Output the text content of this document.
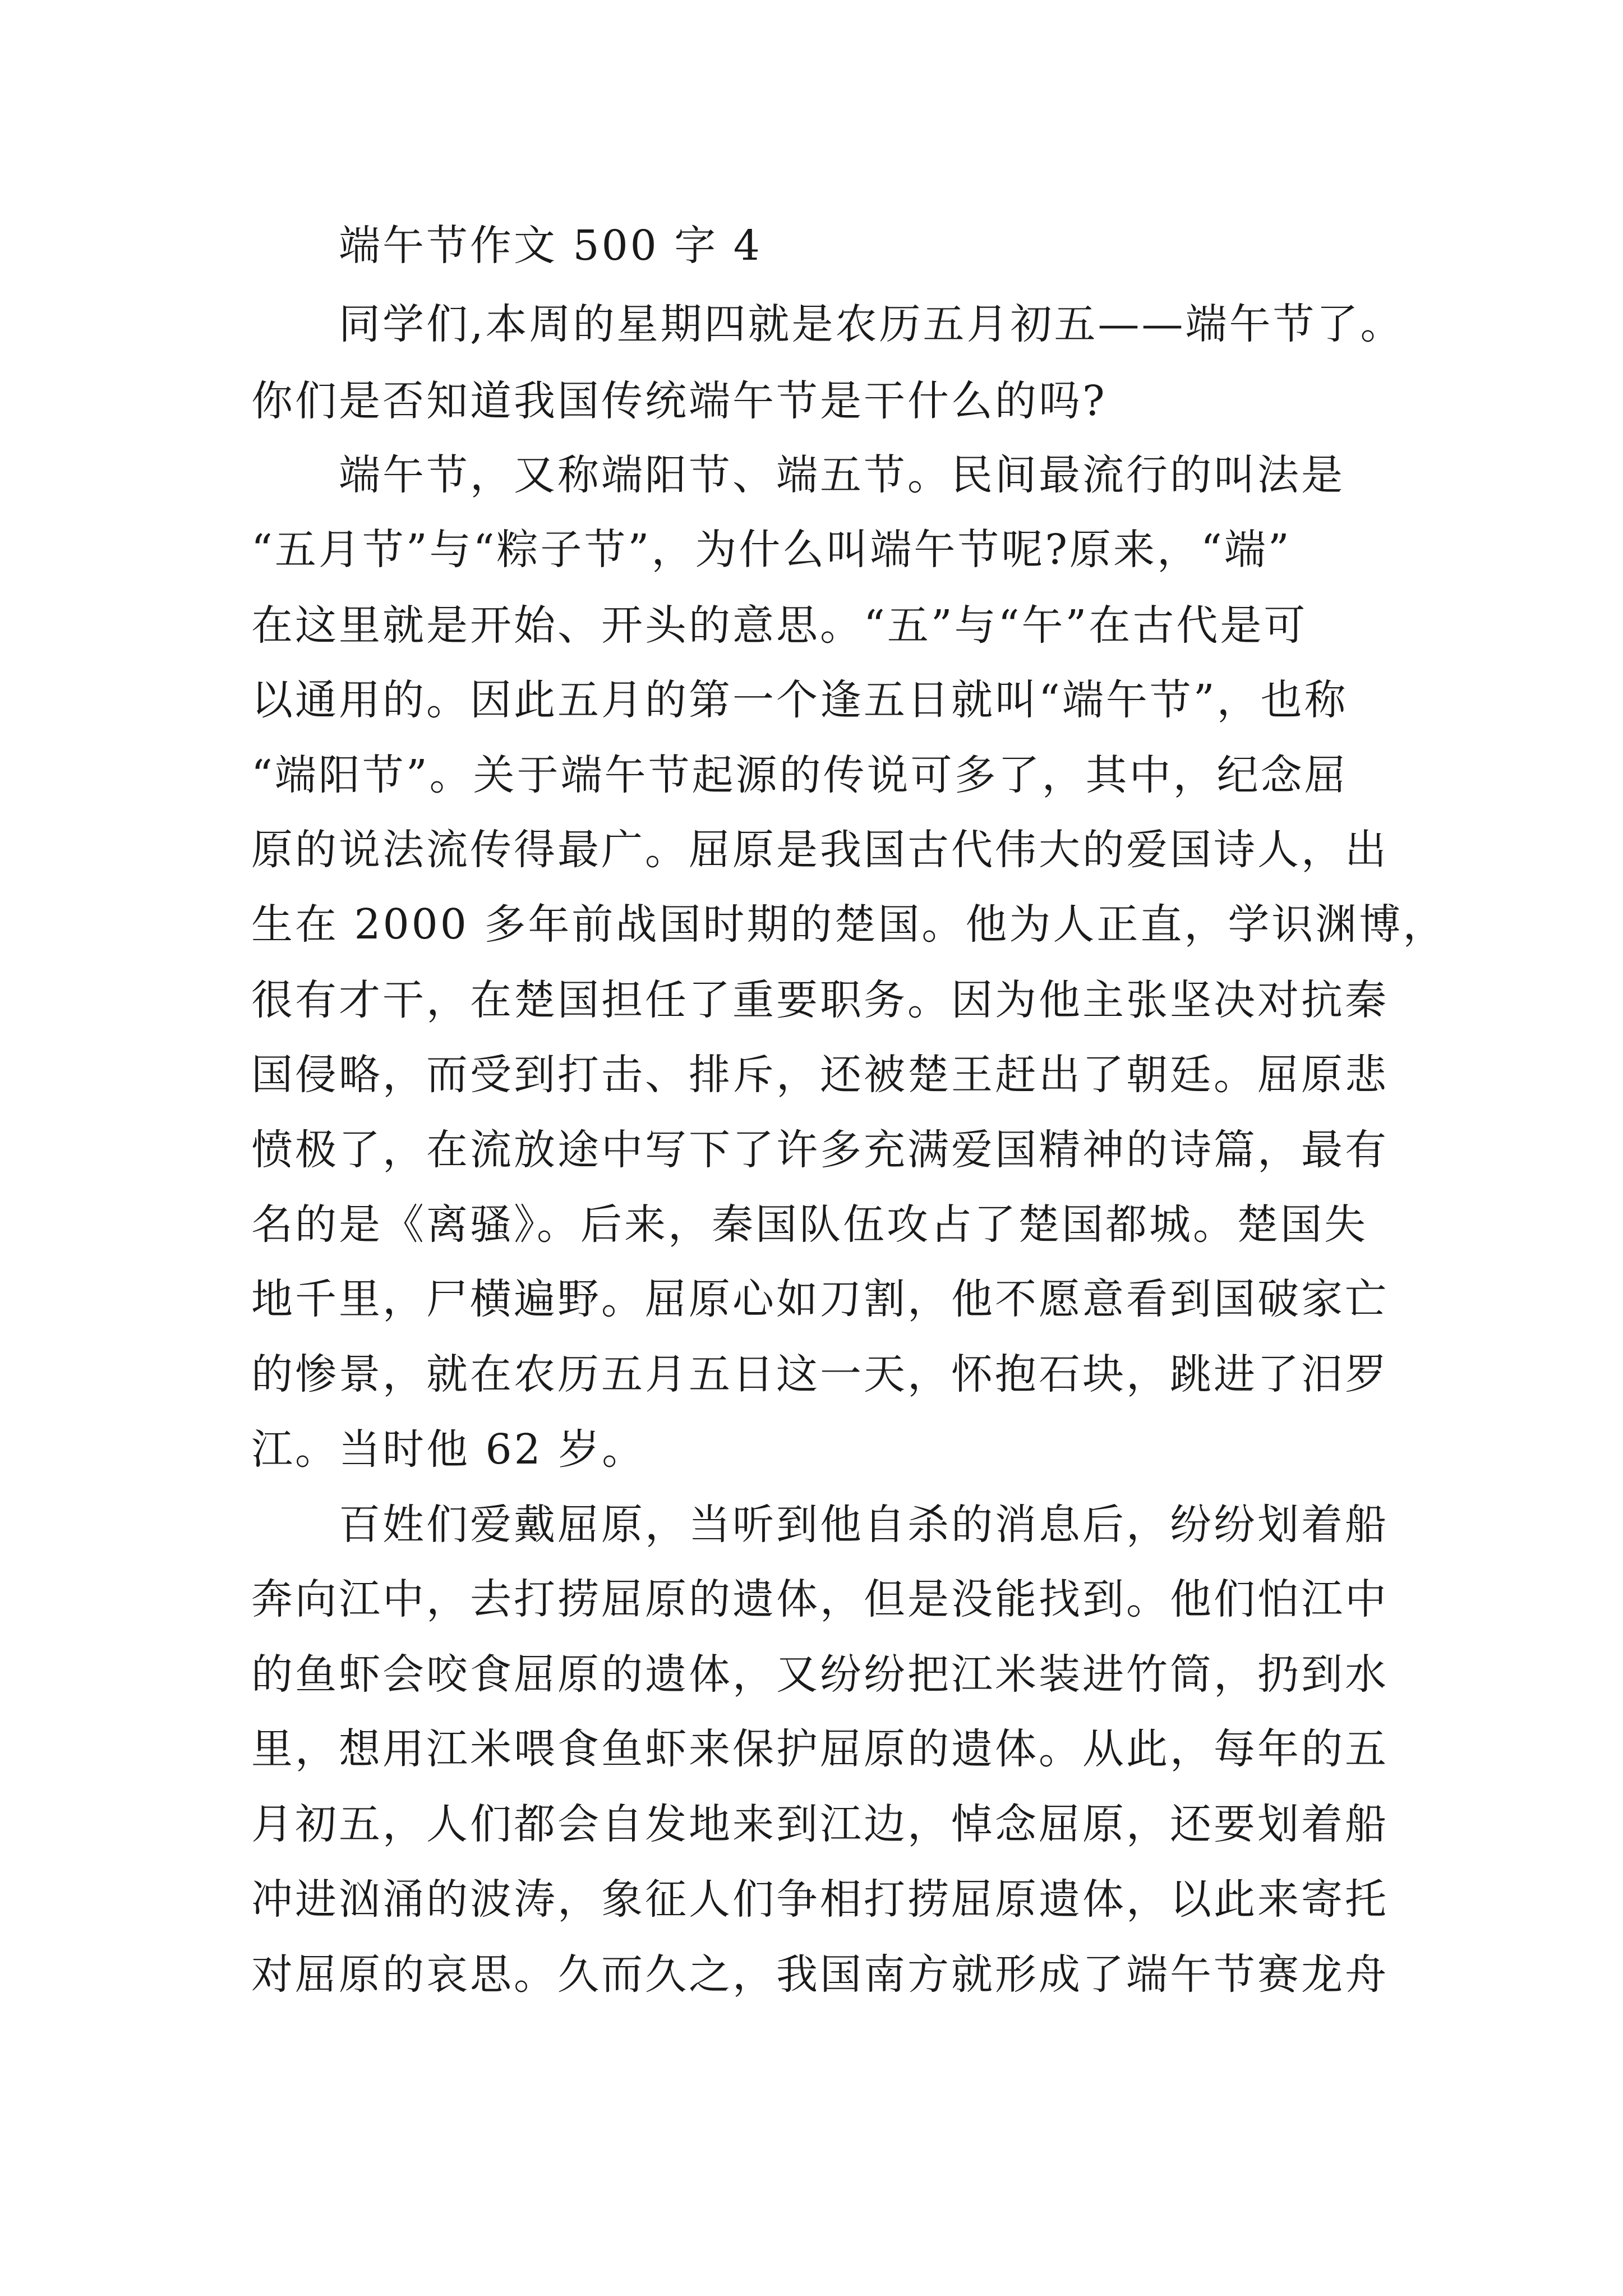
端午节作文 500 字 4
同学们,本周的星期四就是农历五月初五——端午节了。
你们是否知道我国传统端午节是干什么的吗?
端午节，又称端阳节、端五节。民间最流行的叫法是
“五月节”与“粽子节”，为什么叫端午节呢?原来，“端”
在这里就是开始、开头的意思。“五”与“午”在古代是可
以通用的。因此五月的第一个逢五日就叫“端午节”，也称
“端阳节”。关于端午节起源的传说可多了，其中，纪念屈
原的说法流传得最广。屈原是我国古代伟大的爱国诗人，出
生在 2000 多年前战国时期的楚国。他为人正直，学识渊博，
很有才干，在楚国担任了重要职务。因为他主张坚决对抗秦
国侵略，而受到打击、排斥，还被楚王赶出了朝廷。屈原悲
愤极了，在流放途中写下了许多充满爱国精神的诗篇，最有
名的是《离骚》。后来，秦国队伍攻占了楚国都城。楚国失
地千里，尸横遍野。屈原心如刀割，他不愿意看到国破家亡
的惨景，就在农历五月五日这一天，怀抱石块，跳进了汨罗
江。当时他 62 岁。
百姓们爱戴屈原，当听到他自杀的消息后，纷纷划着船
奔向江中，去打捞屈原的遗体，但是没能找到。他们怕江中
的鱼虾会咬食屈原的遗体，又纷纷把江米装进竹筒，扔到水
里，想用江米喂食鱼虾来保护屈原的遗体。从此，每年的五
月初五，人们都会自发地来到江边，悼念屈原，还要划着船
冲进汹涌的波涛，象征人们争相打捞屈原遗体，以此来寄托
对屈原的哀思。久而久之，我国南方就形成了端午节赛龙舟
